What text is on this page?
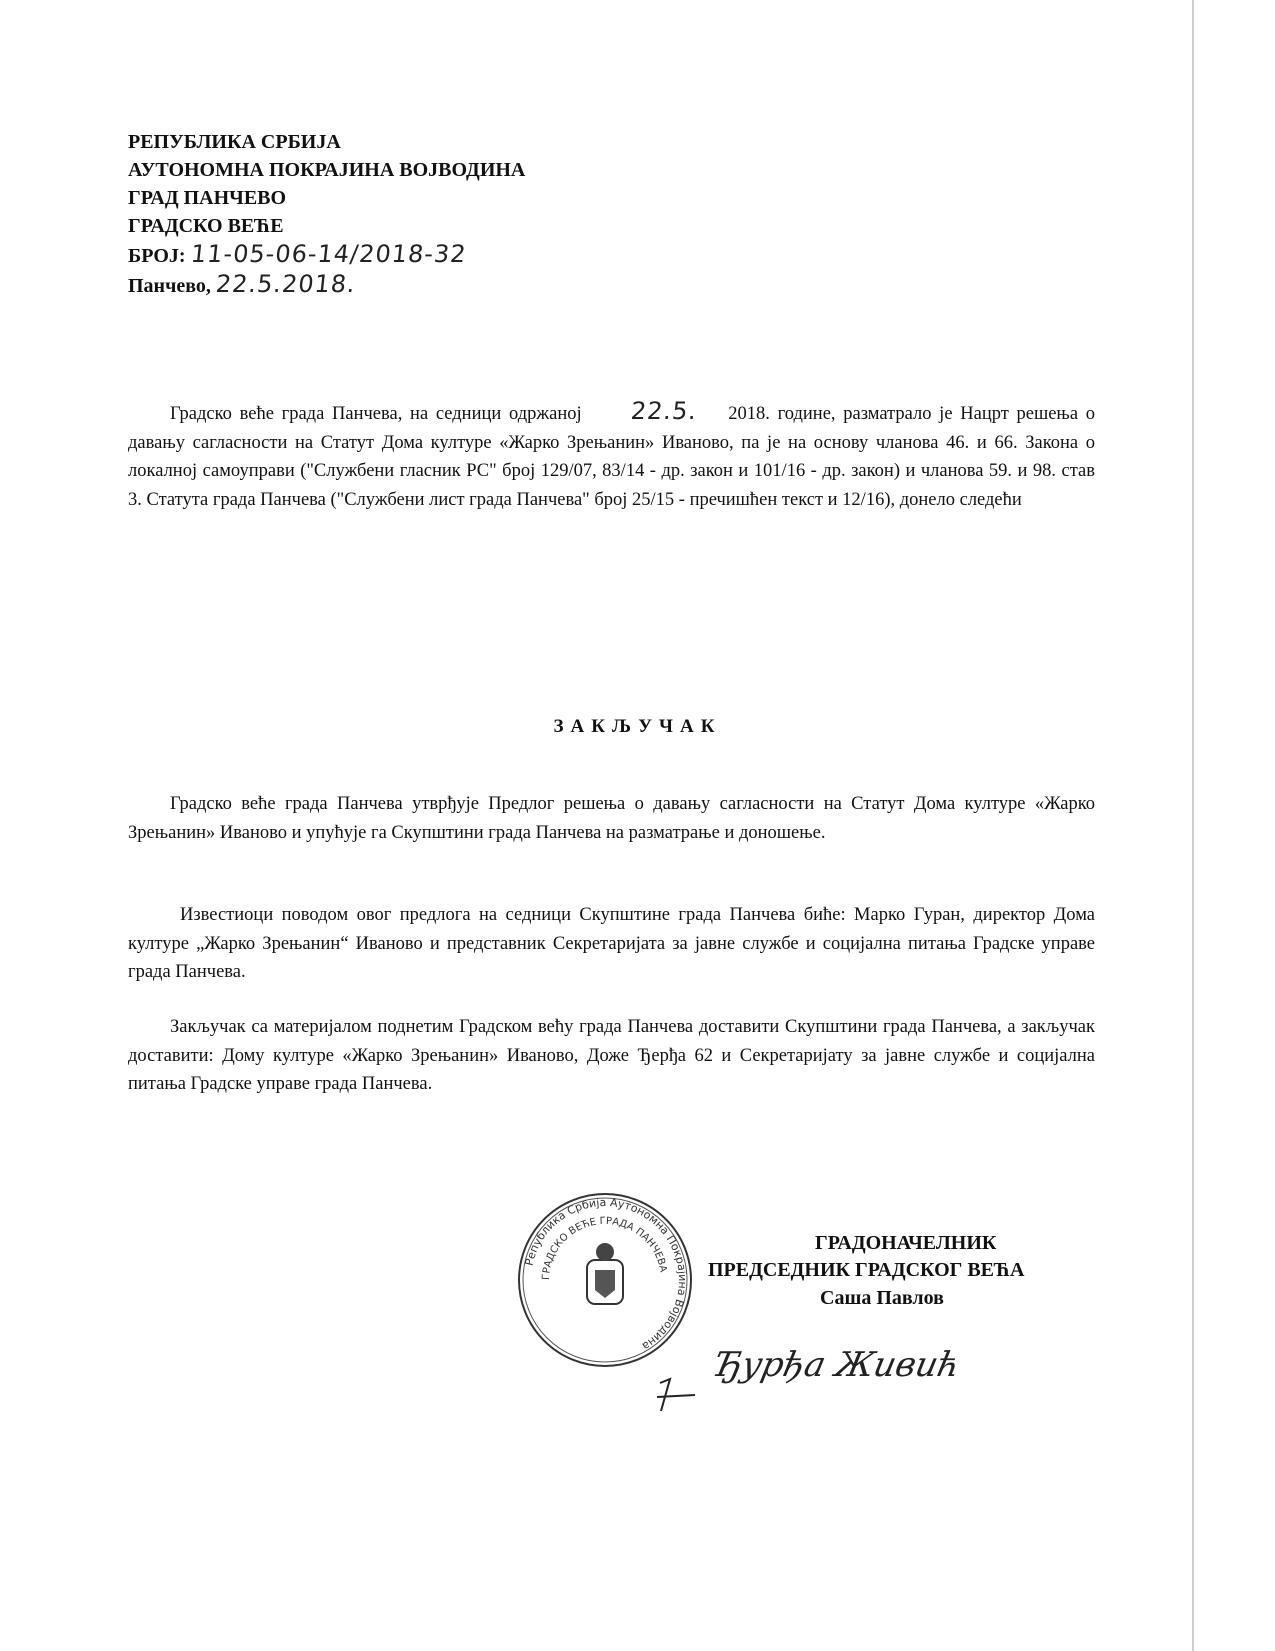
РЕПУБЛИКА СРБИЈА
АУТОНОМНА ПОКРАЈИНА ВОЈВОДИНА
ГРАД ПАНЧЕВО
ГРАДСКО ВЕЋЕ
БРОЈ: 11-05-06-14/2018-32
Панчево, 22.5.2018.
Градско веће града Панчева, на седници одржаној 22.5. 2018. године, разматрало је Нацрт решења о давању сагласности на Статут Дома културе «Жарко Зрењанин» Иваново, па је на основу чланова 46. и 66. Закона о локалној самоуправи ("Службени гласник РС" број 129/07, 83/14 - др. закон и 101/16 - др. закон) и чланова 59. и 98. став 3. Статута града Панчева ("Службени лист града Панчева" број 25/15 - пречишћен текст и 12/16), донело следећи
ЗАКЉУЧАК
Градско веће града Панчева утврђује Предлог решења о давању сагласности на Статут Дома културе «Жарко Зрењанин» Иваново и упућује га Скупштини града Панчева на разматрање и доношење.
Известиоци поводом овог предлога на седници Скупштине града Панчева биће: Марко Гуран, директор Дома културе „Жарко Зрењанин“ Иваново и представник Секретаријата за јавне службе и социјална питања Градске управе града Панчева.
Закључак са материјалом поднетим Градском већу града Панчева доставити Скупштини града Панчева, а закључак доставити: Дому културе «Жарко Зрењанин» Иваново, Доже Ђерђа 62 и Секретаријату за јавне службе и социјална питања Градске управе града Панчева.
Република Србија Аутономна Покрајина Војводина
ГРАДСКО ВЕЋЕ ГРАДА ПАНЧЕВА
ГРАДОНАЧЕЛНИК
ПРЕДСЕДНИК ГРАДСКОГ ВЕЋА
Саша Павлов
Ђурђа Живић
